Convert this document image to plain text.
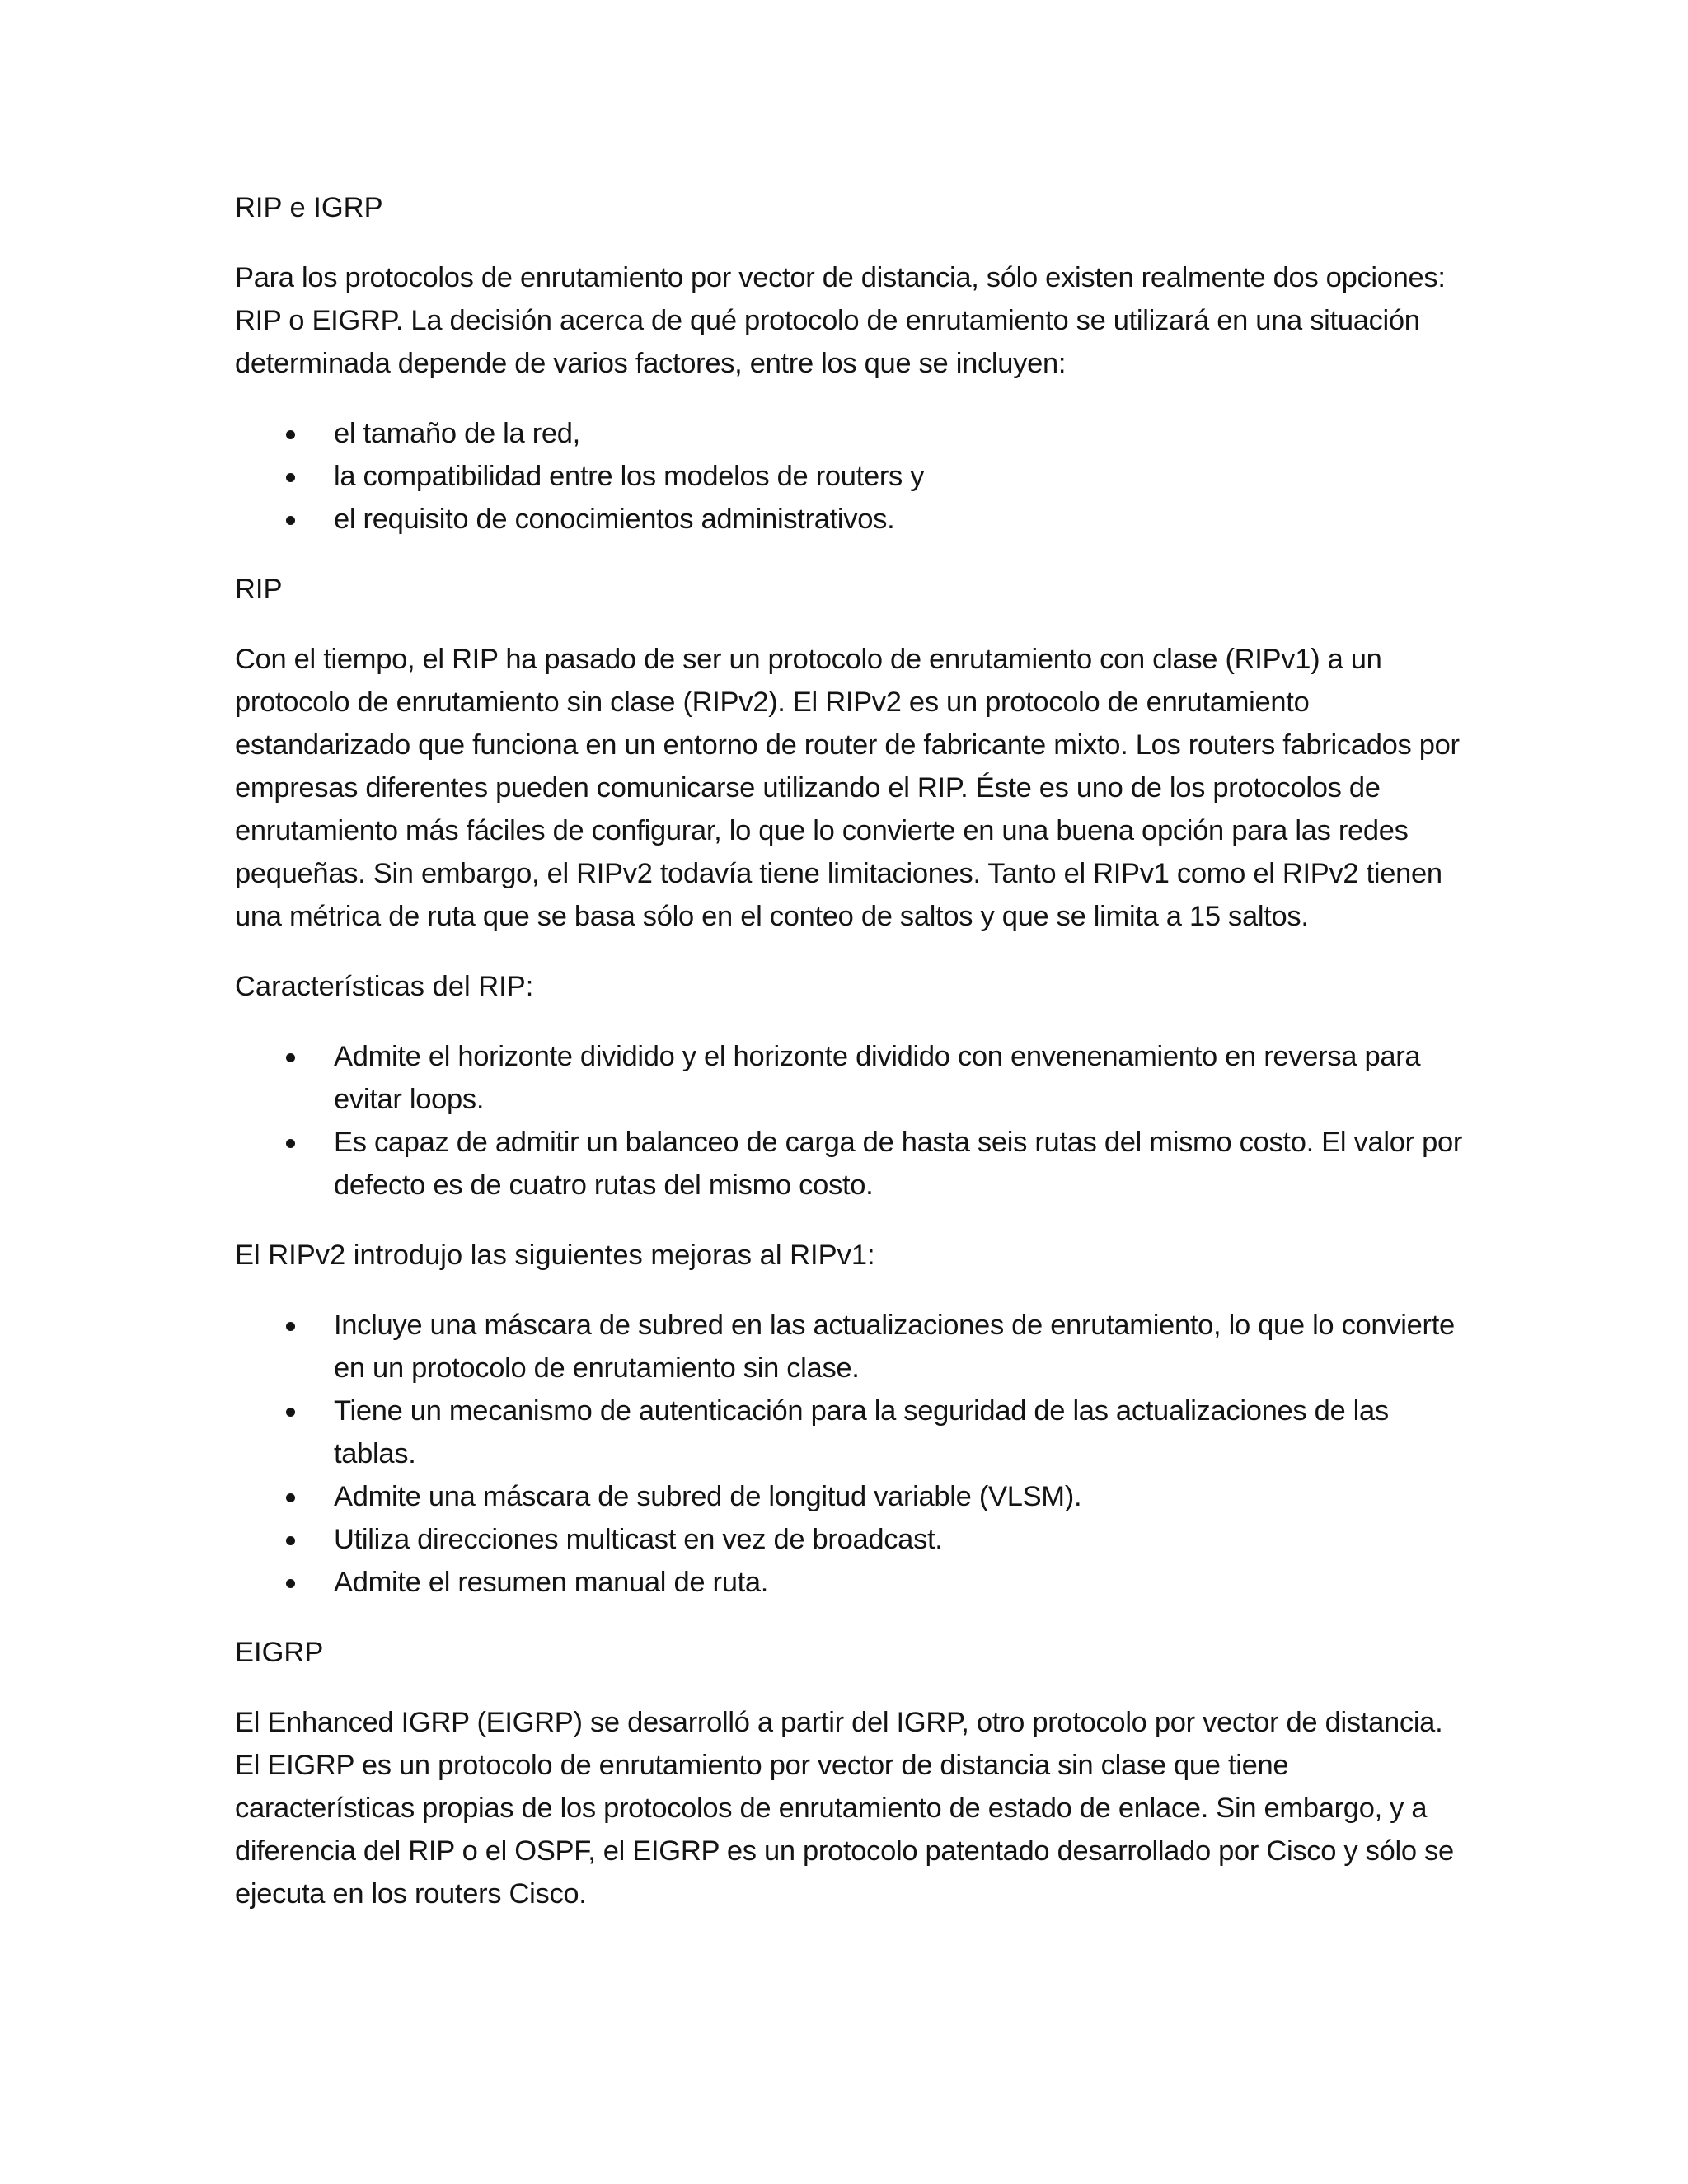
RIP e IGRP

Para los protocolos de enrutamiento por vector de distancia, sólo existen realmente dos opciones: RIP o EIGRP. La decisión acerca de qué protocolo de enrutamiento se utilizará en una situación determinada depende de varios factores, entre los que se incluyen:

el tamaño de la red,
la compatibilidad entre los modelos de routers y
el requisito de conocimientos administrativos.

RIP

Con el tiempo, el RIP ha pasado de ser un protocolo de enrutamiento con clase (RIPv1) a un protocolo de enrutamiento sin clase (RIPv2). El RIPv2 es un protocolo de enrutamiento estandarizado que funciona en un entorno de router de fabricante mixto. Los routers fabricados por empresas diferentes pueden comunicarse utilizando el RIP. Éste es uno de los protocolos de enrutamiento más fáciles de configurar, lo que lo convierte en una buena opción para las redes pequeñas. Sin embargo, el RIPv2 todavía tiene limitaciones. Tanto el RIPv1 como el RIPv2 tienen una métrica de ruta que se basa sólo en el conteo de saltos y que se limita a 15 saltos.

Características del RIP:

Admite el horizonte dividido y el horizonte dividido con envenenamiento en reversa para evitar loops.
Es capaz de admitir un balanceo de carga de hasta seis rutas del mismo costo. El valor por defecto es de cuatro rutas del mismo costo.

El RIPv2 introdujo las siguientes mejoras al RIPv1:

Incluye una máscara de subred en las actualizaciones de enrutamiento, lo que lo convierte en un protocolo de enrutamiento sin clase.
Tiene un mecanismo de autenticación para la seguridad de las actualizaciones de las tablas.
Admite una máscara de subred de longitud variable (VLSM).
Utiliza direcciones multicast en vez de broadcast.
Admite el resumen manual de ruta.

EIGRP

El Enhanced IGRP (EIGRP) se desarrolló a partir del IGRP, otro protocolo por vector de distancia. El EIGRP es un protocolo de enrutamiento por vector de distancia sin clase que tiene características propias de los protocolos de enrutamiento de estado de enlace. Sin embargo, y a diferencia del RIP o el OSPF, el EIGRP es un protocolo patentado desarrollado por Cisco y sólo se ejecuta en los routers Cisco.
